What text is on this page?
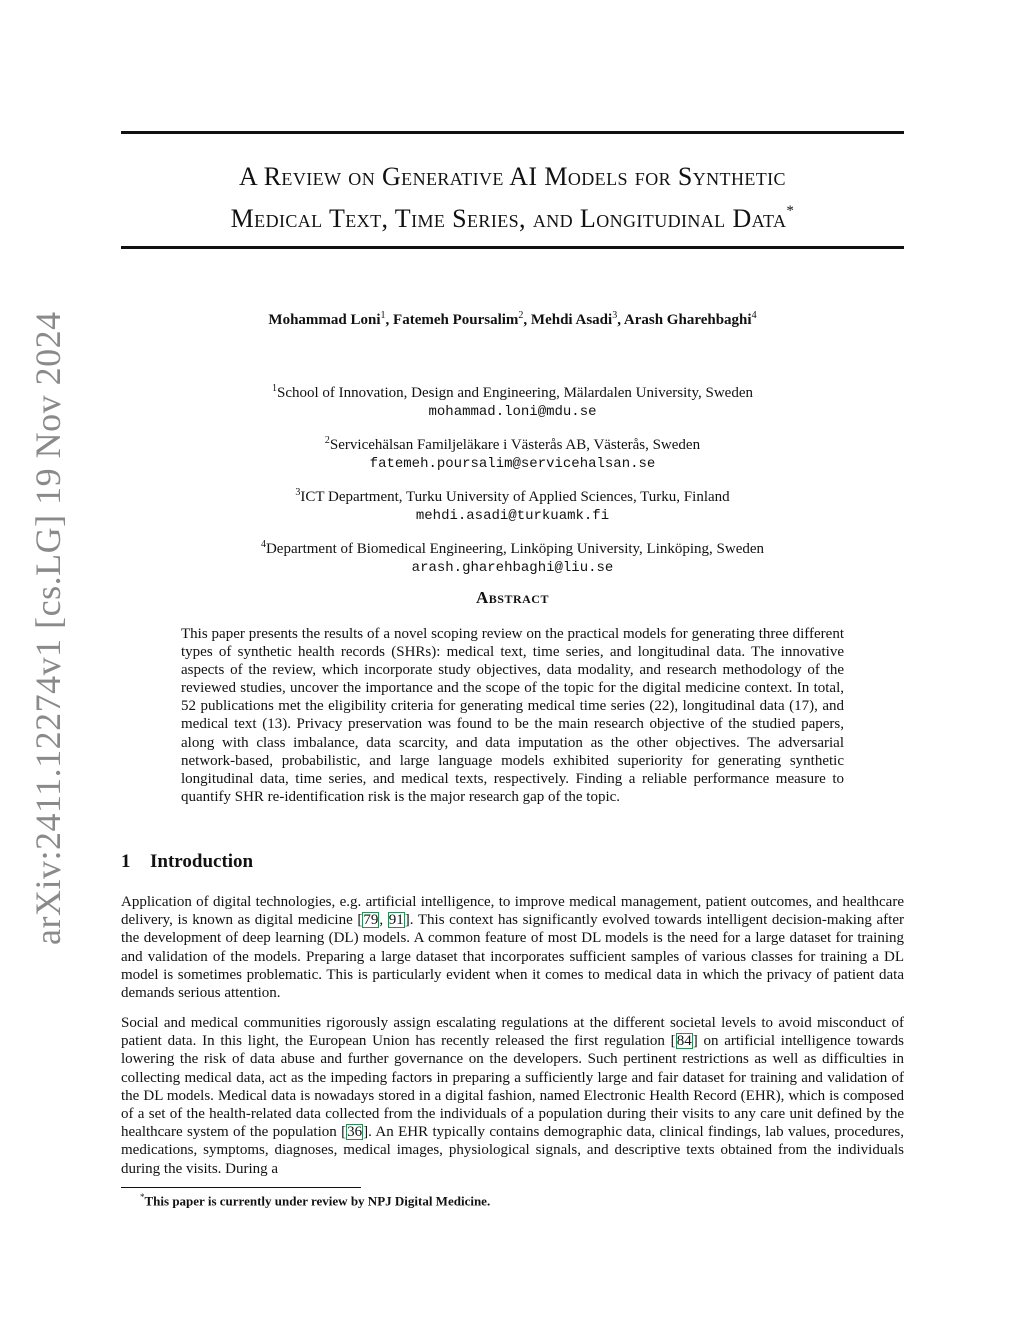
arXiv:2411.12274v1 [cs.LG] 19 Nov 2024
A Review on Generative AI Models for Synthetic
Medical Text, Time Series, and Longitudinal Data*
Mohammad Loni$^1$, Fatemeh Poursalim$^2$, Mehdi Asadi$^3$, Arash Gharehbaghi$^4$
$^1$School of Innovation, Design and Engineering, Mälardalen University, Sweden
mohammad.loni@mdu.se
$^2$Servicehälsan Familjeläkare i Västerås AB, Västerås, Sweden
fatemeh.poursalim@servicehalsan.se
$^3$ICT Department, Turku University of Applied Sciences, Turku, Finland
mehdi.asadi@turkuamk.fi
$^4$Department of Biomedical Engineering, Linköping University, Linköping, Sweden
arash.gharehbaghi@liu.se
Abstract
This paper presents the results of a novel scoping review on the practical models for generating three different types of synthetic health records (SHRs): medical text, time series, and longitudinal data. The innovative aspects of the review, which incorporate study objectives, data modality, and research methodology of the reviewed studies, uncover the importance and the scope of the topic for the digital medicine context. In total, 52 publications met the eligibility criteria for generating medical time series (22), longitudinal data (17), and medical text (13). Privacy preservation was found to be the main research objective of the studied papers, along with class imbalance, data scarcity, and data imputation as the other objectives. The adversarial network-based, probabilistic, and large language models exhibited superiority for generating synthetic longitudinal data, time series, and medical texts, respectively. Finding a reliable performance measure to quantify SHR re-identification risk is the major research gap of the topic.
1 Introduction

Application of digital technologies, e.g. artificial intelligence, to improve medical management, patient outcomes, and healthcare delivery, is known as digital medicine [79, 91]. This context has significantly evolved towards intelligent decision-making after the development of deep learning (DL) models. A common feature of most DL models is the need for a large dataset for training and validation of the models. Preparing a large dataset that incorporates sufficient samples of various classes for training a DL model is sometimes problematic. This is particularly evident when it comes to medical data in which the privacy of patient data demands serious attention.

Social and medical communities rigorously assign escalating regulations at the different societal levels to avoid misconduct of patient data. In this light, the European Union has recently released the first regulation [84] on artificial intelligence towards lowering the risk of data abuse and further governance on the developers. Such pertinent restrictions as well as difficulties in collecting medical data, act as the impeding factors in preparing a sufficiently large and fair dataset for training and validation of the DL models. Medical data is nowadays stored in a digital fashion, named Electronic Health Record (EHR), which is composed of a set of the health-related data collected from the individuals of a population during their visits to any care unit defined by the healthcare system of the population [36]. An EHR typically contains demographic data, clinical findings, lab values, procedures, medications, symptoms, diagnoses, medical images, physiological signals, and descriptive texts obtained from the individuals during the visits. During a

*This paper is currently under review by NPJ Digital Medicine.
